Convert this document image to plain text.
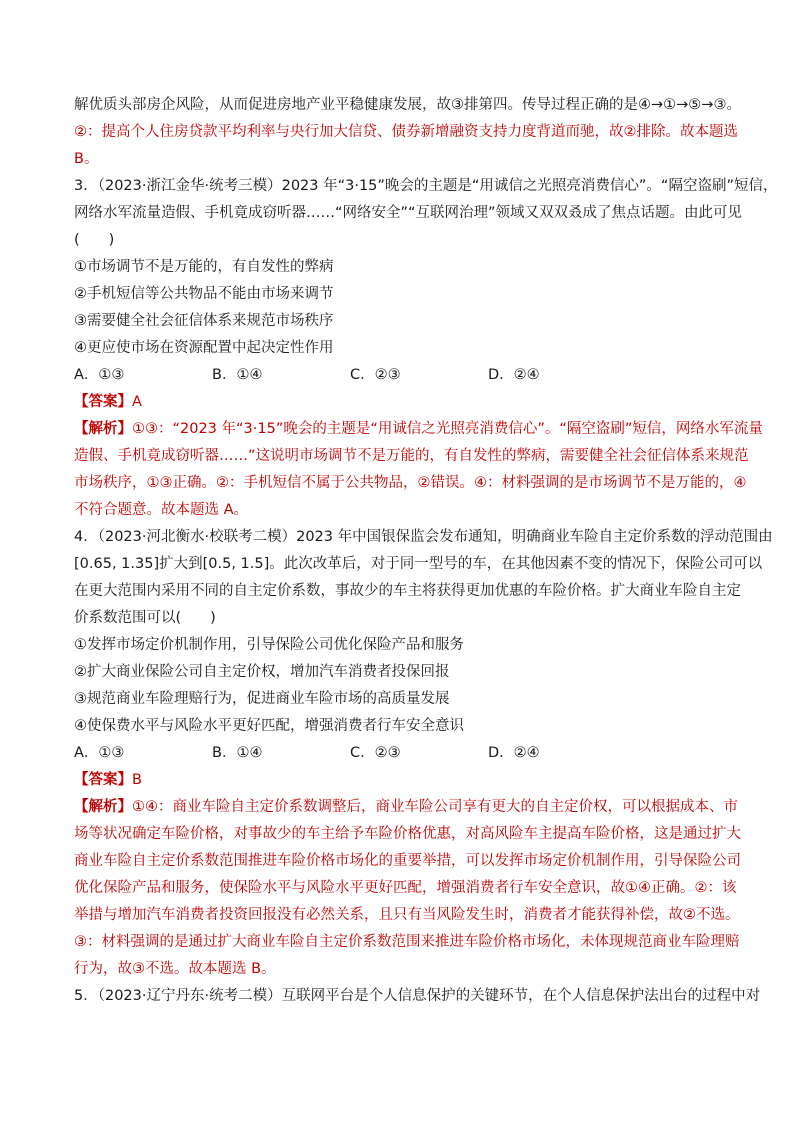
解优质头部房企风险，从而促进房地产业平稳健康发展，故③排第四。传导过程正确的是④→①→⑤→③。
②：提高个人住房贷款平均利率与央行加大信贷、债券新增融资支持力度背道而驰，故②排除。故本题选
B。
3．（2023·浙江金华·统考三模）2023 年“3·15”晚会的主题是“用诚信之光照亮消费信心”。“隔空盗刷”短信，
网络水军流量造假、手机竟成窃听器……“网络安全”“互联网治理”领域又双双叒成了焦点话题。由此可见
(　　)
①市场调节不是万能的，有自发性的弊病
②手机短信等公共物品不能由市场来调节
③需要健全社会征信体系来规范市场秩序
④更应使市场在资源配置中起决定性作用
A．①③	B．①④	C．②③	D．②④
【答案】A
【解析】①③：“2023 年“3·15”晚会的主题是“用诚信之光照亮消费信心”。“隔空盗刷”短信，网络水军流量
造假、手机竟成窃听器……”这说明市场调节不是万能的，有自发性的弊病，需要健全社会征信体系来规范
市场秩序，①③正确。②：手机短信不属于公共物品，②错误。④：材料强调的是市场调节不是万能的，④
不符合题意。故本题选 A。
4．（2023·河北衡水·校联考二模）2023 年中国银保监会发布通知，明确商业车险自主定价系数的浮动范围由
[0.65, 1.35]扩大到[0.5, 1.5]。此次改革后，对于同一型号的车，在其他因素不变的情况下，保险公司可以
在更大范围内采用不同的自主定价系数，事故少的车主将获得更加优惠的车险价格。扩大商业车险自主定
价系数范围可以(　　)
①发挥市场定价机制作用，引导保险公司优化保险产品和服务
②扩大商业保险公司自主定价权，增加汽车消费者投保回报
③规范商业车险理赔行为，促进商业车险市场的高质量发展
④使保费水平与风险水平更好匹配，增强消费者行车安全意识
A．①③	B．①④	C．②③	D．②④
【答案】B
【解析】①④：商业车险自主定价系数调整后，商业车险公司享有更大的自主定价权，可以根据成本、市
场等状况确定车险价格，对事故少的车主给予车险价格优惠，对高风险车主提高车险价格，这是通过扩大
商业车险自主定价系数范围推进车险价格市场化的重要举措，可以发挥市场定价机制作用，引导保险公司
优化保险产品和服务，使保险水平与风险水平更好匹配，增强消费者行车安全意识，故①④正确。②：该
举措与增加汽车消费者投资回报没有必然关系，且只有当风险发生时，消费者才能获得补偿，故②不选。
③：材料强调的是通过扩大商业车险自主定价系数范围来推进车险价格市场化，未体现规范商业车险理赔
行为，故③不选。故本题选 B。
5．（2023·辽宁丹东·统考二模）互联网平台是个人信息保护的关键环节，在个人信息保护法出台的过程中对
